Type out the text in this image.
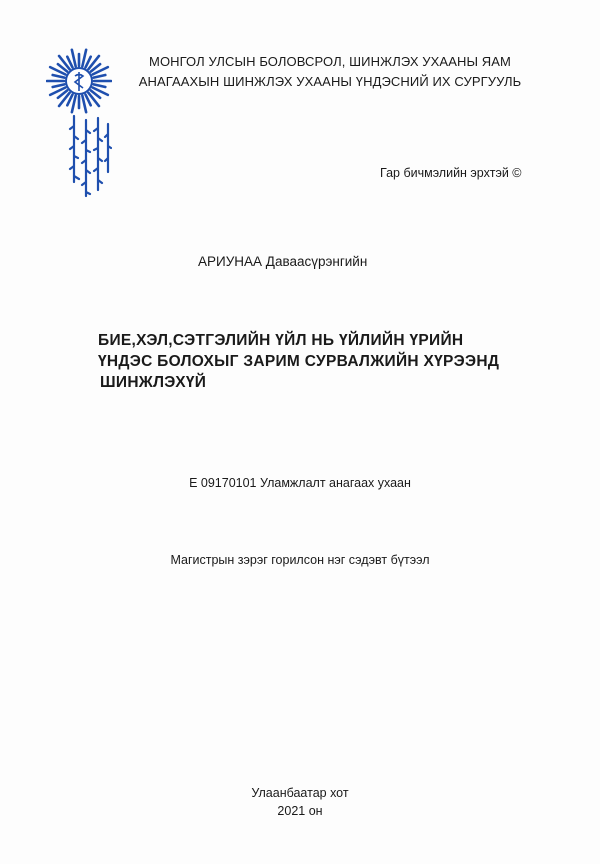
МОНГОЛ УЛСЫН БОЛОВСРОЛ, ШИНЖЛЭХ УХААНЫ ЯАМ
АНАГААХЫН ШИНЖЛЭХ УХААНЫ ҮНДЭСНИЙ ИХ СУРГУУЛЬ
Гар бичмэлийн эрхтэй ©
АРИУНАА Даваасүрэнгийн
БИЕ,ХЭЛ,СЭТГЭЛИЙН ҮЙЛ НЬ ҮЙЛИЙН ҮРИЙН
ҮНДЭС БОЛОХЫГ ЗАРИМ СУРВАЛЖИЙН ХҮРЭЭНД
ШИНЖЛЭХҮЙ
E 09170101 Уламжлалт анагаах ухаан
Магистрын зэрэг горилсон нэг сэдэвт бүтээл
Улаанбаатар хот
2021 он
